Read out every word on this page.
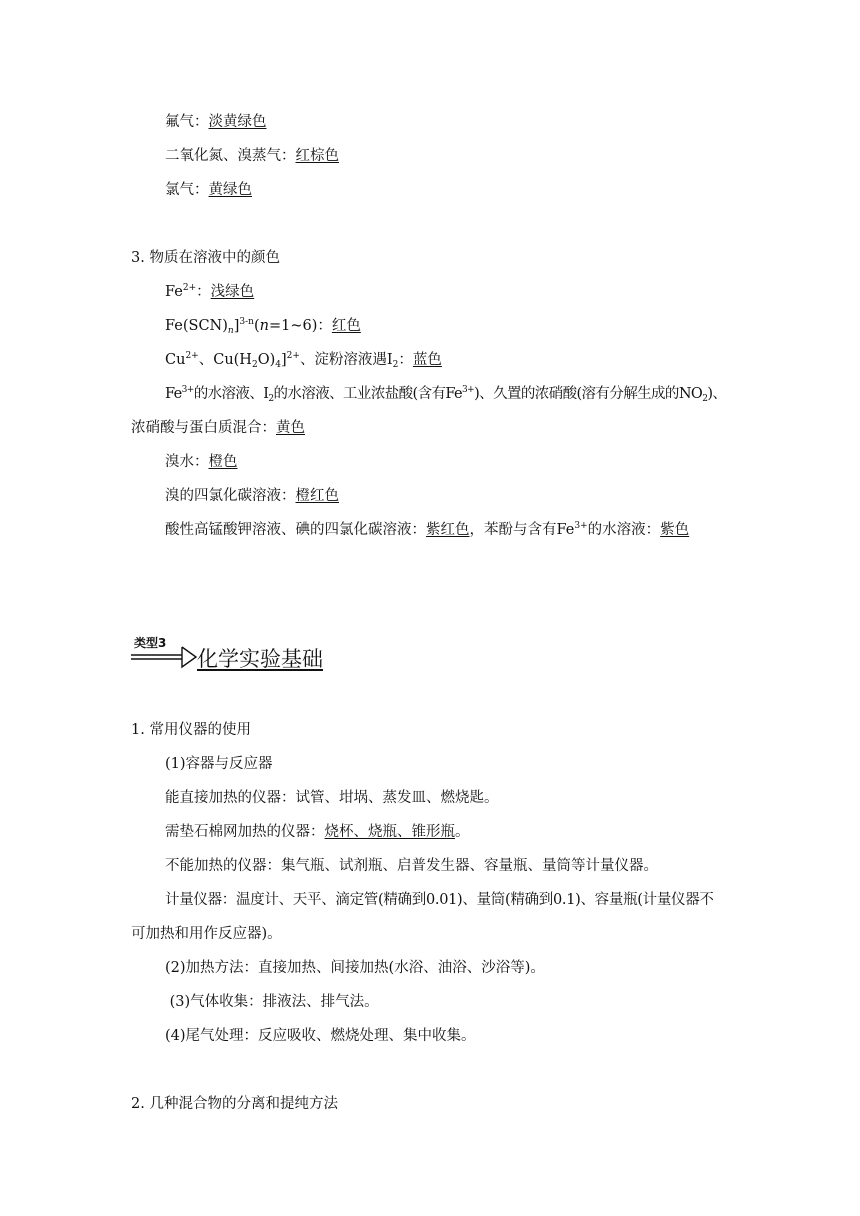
氟气：淡黄绿色
二氧化氮、溴蒸气：红棕色
氯气：黄绿色
3. 物质在溶液中的颜色
$Fe^{2+}$：浅绿色
$Fe(SCN)_n]^{3-n}(n=1\sim 6)$：红色
$Cu^{2+}$、$Cu(H_2O)_4]^{2+}$、淀粉溶液遇$I_2$：蓝色
$Fe^{3+}$的水溶液、$I_2$的水溶液、工业浓盐酸(含有$Fe^{3+}$)、久置的浓硝酸(溶有分解生成的$NO_2$)、
浓硝酸与蛋白质混合：黄色
溴水：橙色
溴的四氯化碳溶液：橙红色
酸性高锰酸钾溶液、碘的四氯化碳溶液：紫红色，苯酚与含有$Fe^{3+}$的水溶液：紫色
类型3
化学实验基础
1. 常用仪器的使用
(1)容器与反应器
能直接加热的仪器：试管、坩埚、蒸发皿、燃烧匙。
需垫石棉网加热的仪器：烧杯、烧瓶、锥形瓶。
不能加热的仪器：集气瓶、试剂瓶、启普发生器、容量瓶、量筒等计量仪器。
计量仪器：温度计、天平、滴定管(精确到0.01)、量筒(精确到0.1)、容量瓶(计量仪器不
可加热和用作反应器)。
(2)加热方法：直接加热、间接加热(水浴、油浴、沙浴等)。
(3)气体收集：排液法、排气法。
(4)尾气处理：反应吸收、燃烧处理、集中收集。
2. 几种混合物的分离和提纯方法
